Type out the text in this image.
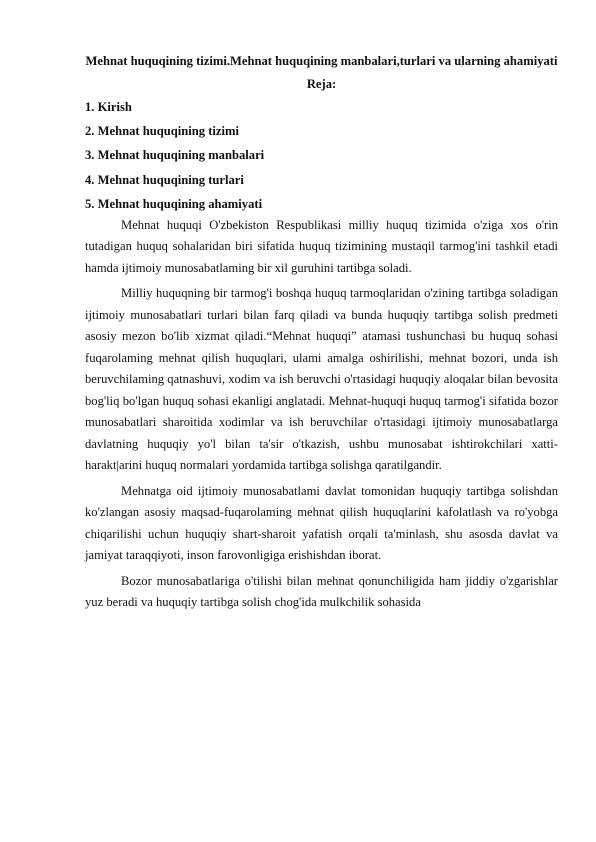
Mehnat huquqining tizimi.Mehnat huquqining manbalari,turlari va ularning ahamiyati

Reja:

1. Kirish
2. Mehnat huquqining tizimi
3. Mehnat huquqining manbalari
4. Mehnat huquqining turlari
5. Mehnat huquqining ahamiyati

Mehnat huquqi O'zbekiston Respublikasi milliy huquq tizimida o'ziga xos o'rin tutadigan huquq sohalaridan biri sifatida huquq tizimining mustaqil tarmog'ini tashkil etadi hamda ijtimoiy munosabatlaming bir xil guruhini tartibga soladi.

Milliy huquqning bir tarmog'i boshqa huquq tarmoqlaridan o'zining tartibga soladigan ijtimoiy munosabatlari turlari bilan farq qiladi va bunda huquqiy tartibga solish predmeti asosiy mezon bo'lib xizmat qiladi.“Mehnat huquqi” atamasi tushunchasi bu huquq sohasi fuqarolaming mehnat qilish huquqlari, ulami amalga oshirilishi, mehnat bozori, unda ish beruvchilaming qatnashuvi, xodim va ish beruvchi o'rtasidagi huquqiy aloqalar bilan bevosita bog'liq bo'lgan huquq sohasi ekanligi anglatadi. Mehnat-huquqi huquq tarmog'i sifatida bozor munosabatlari sharoitida xodimlar va ish beruvchilar o'rtasidagi ijtimoiy munosabatlarga davlatning huquqiy yo'l bilan ta'sir o'tkazish, ushbu munosabat ishtirokchilari xatti-harakt|arini huquq normalari yordamida tartibga solishga qaratilgandir.

Mehnatga oid ijtimoiy munosabatlami davlat tomonidan huquqiy tartibga solishdan ko'zlangan asosiy maqsad-fuqarolaming mehnat qilish huquqlarini kafolatlash va ro'yobga chiqarilishi uchun huquqiy shart-sharoit yafatish orqali ta'minlash, shu asosda davlat va jamiyat taraqqiyoti, inson farovonligiga erishishdan iborat.

Bozor munosabatlariga o'tilishi bilan mehnat qonunchiligida ham jiddiy o'zgarishlar yuz beradi va huquqiy tartibga solish chog'ida mulkchilik sohasida
